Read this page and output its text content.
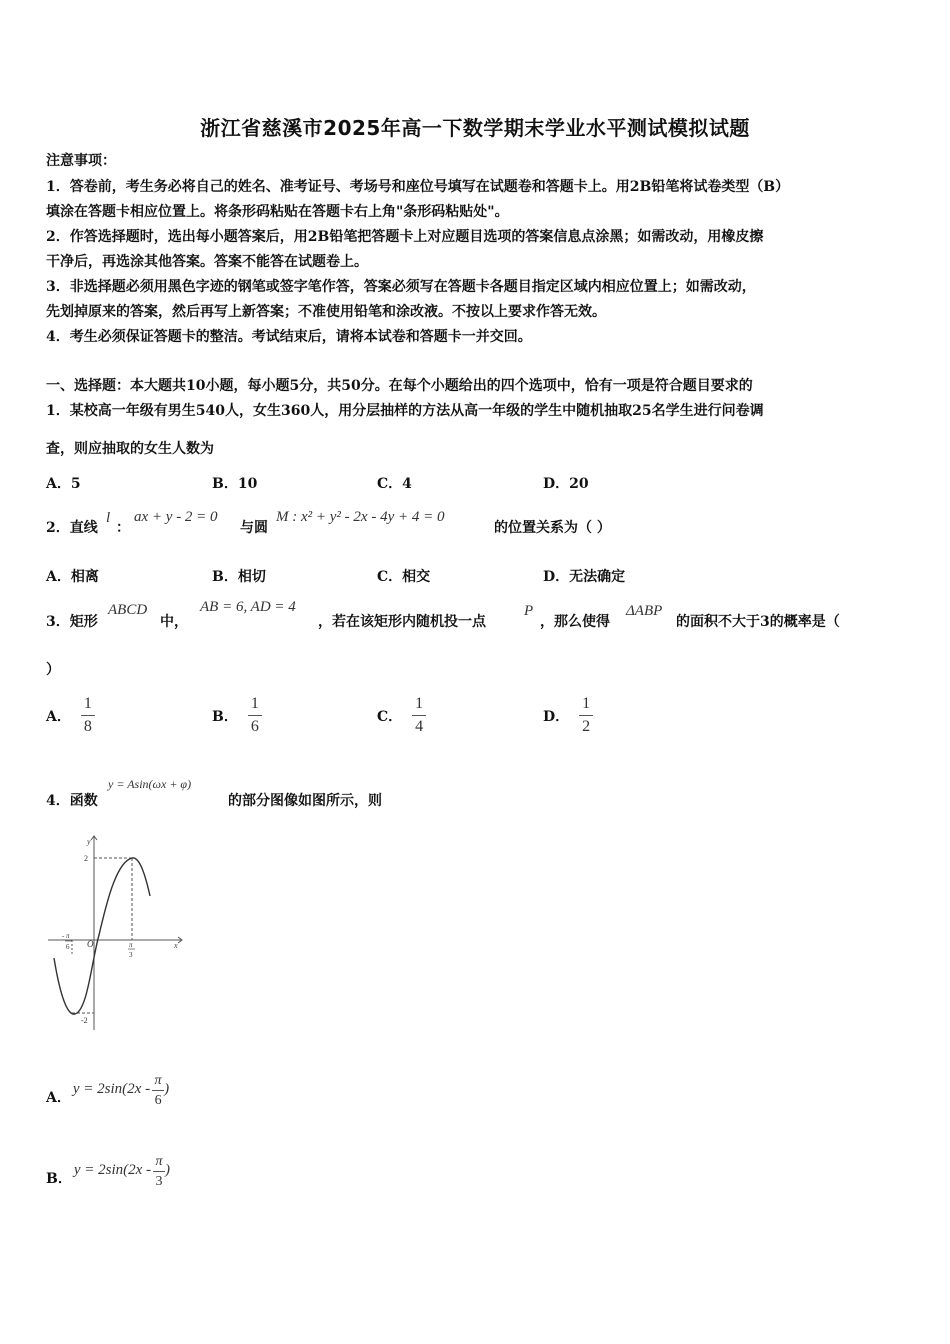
浙江省慈溪市2025年高一下数学期末学业水平测试模拟试题
注意事项：
1．答卷前，考生务必将自己的姓名、准考证号、考场号和座位号填写在试题卷和答题卡上。用2B铅笔将试卷类型（B）
填涂在答题卡相应位置上。将条形码粘贴在答题卡右上角"条形码粘贴处"。
2．作答选择题时，选出每小题答案后，用2B铅笔把答题卡上对应题目选项的答案信息点涂黑；如需改动，用橡皮擦
干净后，再选涂其他答案。答案不能答在试题卷上。
3．非选择题必须用黑色字迹的钢笔或签字笔作答，答案必须写在答题卡各题目指定区域内相应位置上；如需改动，
先划掉原来的答案，然后再写上新答案；不准使用铅笔和涂改液。不按以上要求作答无效。
4．考生必须保证答题卡的整洁。考试结束后，请将本试卷和答题卡一并交回。
一、选择题：本大题共10小题，每小题5分，共50分。在每个小题给出的四个选项中，恰有一项是符合题目要求的
1．某校高一年级有男生540人，女生360人，用分层抽样的方法从高一年级的学生中随机抽取25名学生进行问卷调
查，则应抽取的女生人数为
A．5	B．10	C．4	D．20
2．直线
l
：
ax + y - 2 = 0
与圆
M : x² + y² - 2x - 4y + 4 = 0
的位置关系为（ ）
A．相离	B．相切	C．相交	D．无法确定
3．矩形
ABCD
中，
AB = 6, AD = 4
，若在该矩形内随机投一点
P
，那么使得
ΔABP
的面积不大于3的概率是（
）
A． $\frac{1}{8}$	B． $\frac{1}{6}$	C． $\frac{1}{4}$	D． $\frac{1}{2}$
4．函数
y = Asin(ωx + φ)
的部分图像如图所示，则
y
x
O
2
-2
- π
6	π
3
A．
$y = 2\sin(2x - \frac{\pi}{6}$ )
B．
$y = 2\sin(2x - \frac{\pi}{3}$ )
